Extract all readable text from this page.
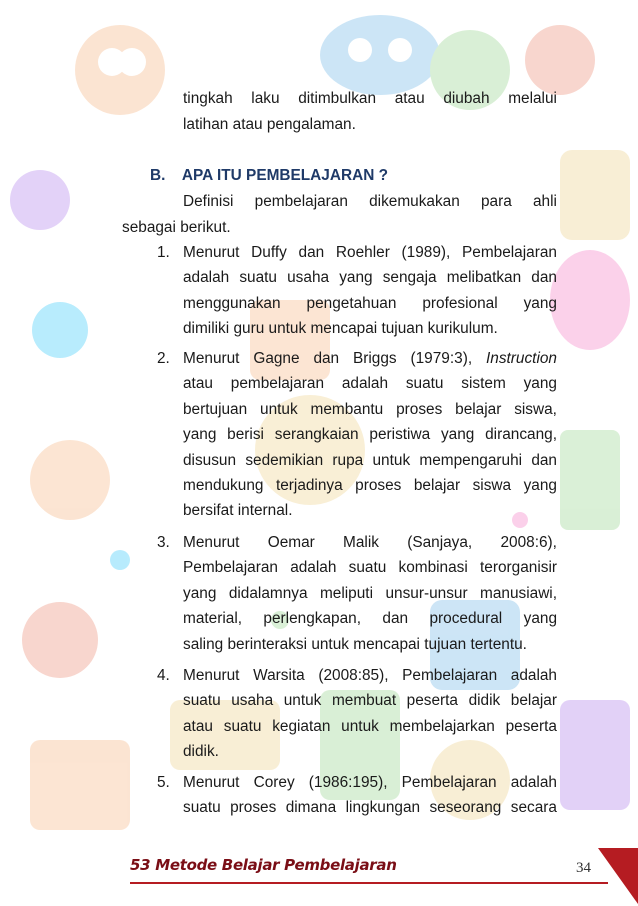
tingkah laku ditimbulkan atau diubah melalui
latihan atau pengalaman.
B.    APA ITU PEMBELAJARAN ?
Definisi pembelajaran dikemukakan para ahli
sebagai berikut.
1. Menurut Duffy dan Roehler (1989), Pembelajaran
adalah suatu usaha yang sengaja melibatkan dan
menggunakan pengetahuan profesional yang
dimiliki guru untuk mencapai tujuan kurikulum.
2. Menurut Gagne dan Briggs (1979:3), Instruction
atau pembelajaran adalah suatu sistem yang
bertujuan untuk membantu proses belajar siswa,
yang berisi serangkaian peristiwa yang dirancang,
disusun sedemikian rupa untuk mempengaruhi dan
mendukung terjadinya proses belajar siswa yang
bersifat internal.
3. Menurut Oemar Malik (Sanjaya, 2008:6),
Pembelajaran adalah suatu kombinasi terorganisir
yang didalamnya meliputi unsur-unsur manusiawi,
material, perlengkapan, dan procedural yang
saling berinteraksi untuk mencapai tujuan tertentu.
4. Menurut Warsita (2008:85), Pembelajaran adalah
suatu usaha untuk membuat peserta didik belajar
atau suatu kegiatan untuk membelajarkan peserta
didik.
5. Menurut Corey (1986:195), Pembelajaran adalah
suatu proses dimana lingkungan seseorang secara
53 Metode Belajar Pembelajaran	34
